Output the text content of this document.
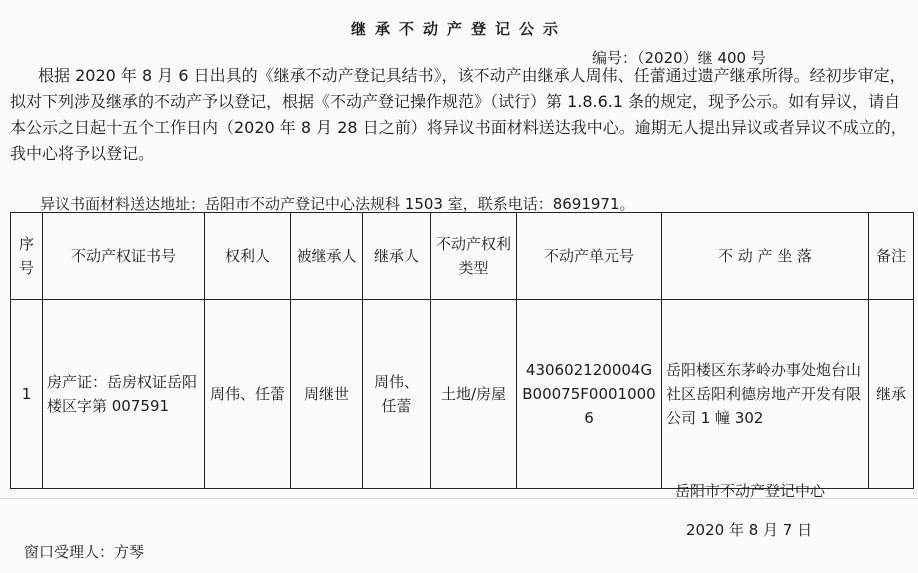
继承不动产登记公示
编号：（2020）继 400 号

根据 2020 年 8 月 6 日出具的《继承不动产登记具结书》，该不动产由继承人周伟、任蕾通过遗产继承所得。经初步审定， 拟对下列涉及继承的不动产予以登记，根据《不动产登记操作规范》（试行）第 1.8.6.1 条的规定，现予公示。如有异议，请自本公示之日起十五个工作日内（2020 年 8 月 28 日之前）将异议书面材料送达我中心。逾期无人提出异议或者异议不成立的，我中心将予以登记。

异议书面材料送达地址：岳阳市不动产登记中心法规科 1503 室，联系电话：8691971。
序号	不动产权证书号	权利人	被继承人	继承人	不动产权利类型	不动产单元号	不 动 产 坐 落	备注
1	房产证：岳房权证岳阳楼区字第 007591	周伟、任蕾	周继世	周伟、任蕾	土地/房屋	430602120004GB00075F00010006	岳阳楼区东茅岭办事处炮台山社区岳阳利德房地产开发有限公司 1 幢 302	继承
岳阳市不动产登记中心
2020 年 8 月 7 日
窗口受理人：方琴
